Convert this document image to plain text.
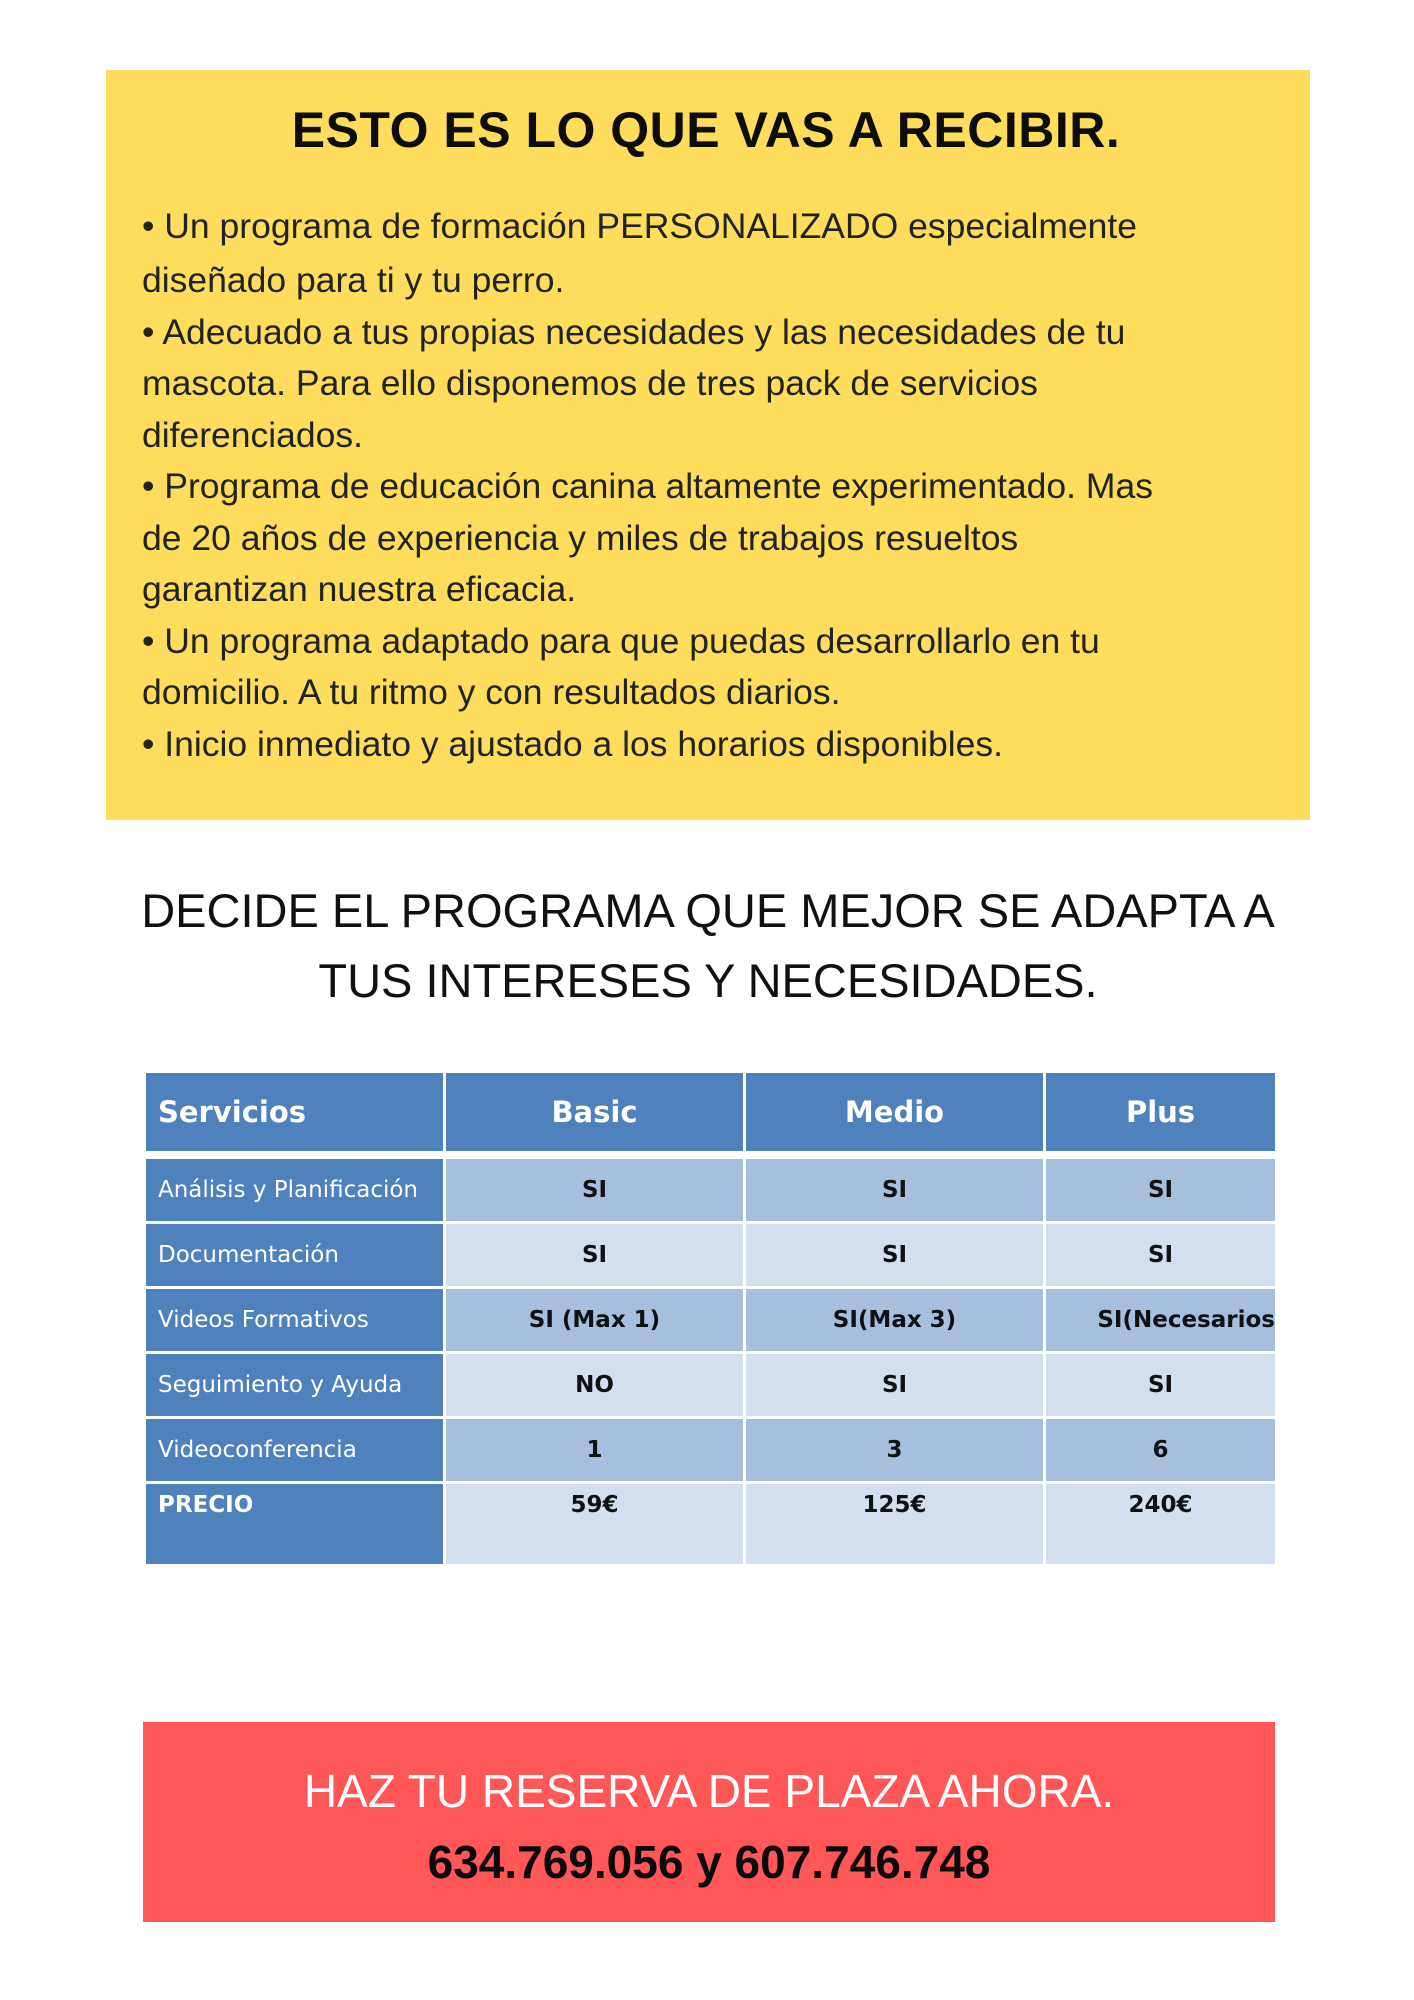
ESTO ES LO QUE VAS A RECIBIR.
• Un programa de formación PERSONALIZADO especialmente
diseñado para ti y tu perro.
• Adecuado a tus propias necesidades y las necesidades de tu
mascota. Para ello disponemos de tres pack de servicios
diferenciados.
• Programa de educación canina altamente experimentado. Mas
de 20 años de experiencia y miles de trabajos resueltos
garantizan nuestra eficacia.
• Un programa adaptado para que puedas desarrollarlo en tu
domicilio. A tu ritmo y con resultados diarios.
• Inicio inmediato y ajustado a los horarios disponibles.
DECIDE EL PROGRAMA QUE MEJOR SE ADAPTA A
TUS INTERESES Y NECESIDADES.
Servicios	Basic	Medio	Plus
Análisis y Planificación	SI	SI	SI
Documentación	SI	SI	SI
Videos Formativos	SI (Max 1)	SI(Max 3)	SI(Necesarios
Seguimiento y Ayuda	NO	SI	SI
Videoconferencia	1	3	6
PRECIO	59€	125€	240€

HAZ TU RESERVA DE PLAZA AHORA.

634.769.056 y 607.746.748
